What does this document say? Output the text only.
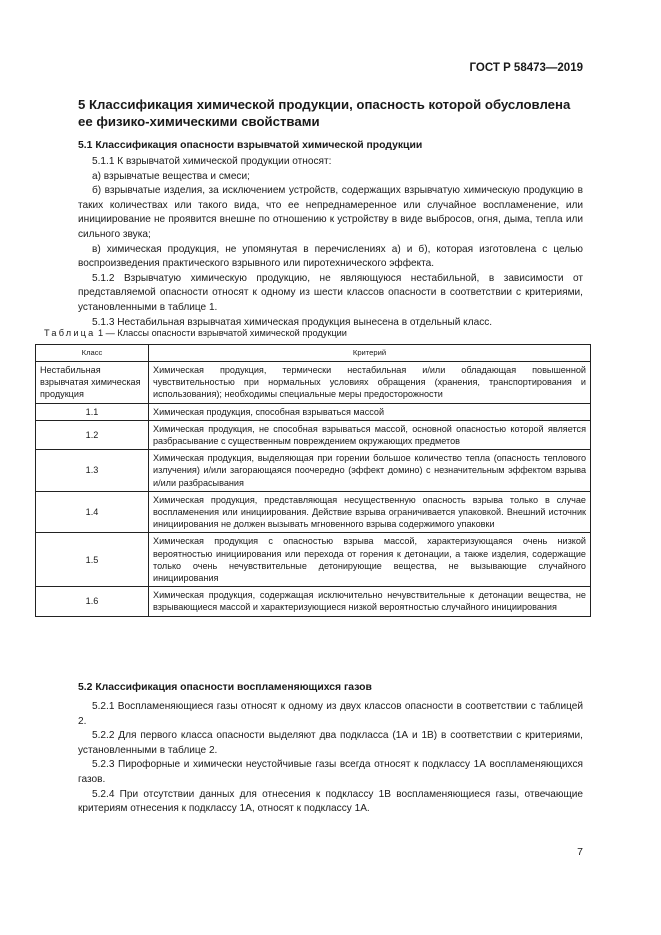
ГОСТ Р 58473—2019
5 Классификация химической продукции, опасность которой обусловлена ее физико-химическими свойствами
5.1 Классификация опасности взрывчатой химической продукции
5.1.1 К взрывчатой химической продукции относят:
а) взрывчатые вещества и смеси;
б) взрывчатые изделия, за исключением устройств, содержащих взрывчатую химическую продукцию в таких количествах или такого вида, что ее непреднамеренное или случайное воспламенение, или инициирование не проявится внешне по отношению к устройству в виде выбросов, огня, дыма, тепла или сильного звука;
в) химическая продукция, не упомянутая в перечислениях а) и б), которая изготовлена с целью воспроизведения практического взрывного или пиротехнического эффекта.
5.1.2 Взрывчатую химическую продукцию, не являющуюся нестабильной, в зависимости от представляемой опасности относят к одному из шести классов опасности в соответствии с критериями, установленными в таблице 1.
5.1.3 Нестабильная взрывчатая химическая продукция вынесена в отдельный класс.
Таблица 1 — Классы опасности взрывчатой химической продукции
Класс	Критерий
Нестабильная взрывчатая химическая продукция	Химическая продукция, термически нестабильная и/или обладающая повышенной чувствительностью при нормальных условиях обращения (хранения, транспортирования и использования); необходимы специальные меры предосторожности
1.1	Химическая продукция, способная взрываться массой
1.2	Химическая продукция, не способная взрываться массой, основной опасностью которой является разбрасывание с существенным повреждением окружающих предметов
1.3	Химическая продукция, выделяющая при горении большое количество тепла (опасность теплового излучения) и/или загорающаяся поочередно (эффект домино) с незначительным эффектом взрыва и/или разбрасывания
1.4	Химическая продукция, представляющая несущественную опасность взрыва только в случае воспламенения или инициирования. Действие взрыва ограничивается упаковкой. Внешний источник инициирования не должен вызывать мгновенного взрыва содержимого упаковки
1.5	Химическая продукция с опасностью взрыва массой, характеризующаяся очень низкой вероятностью инициирования или перехода от горения к детонации, а также изделия, содержащие только очень нечувствительные детонирующие вещества, не вызывающие случайного инициирования
1.6	Химическая продукция, содержащая исключительно нечувствительные к детонации вещества, не взрывающиеся массой и характеризующиеся низкой вероятностью случайного инициирования
5.2 Классификация опасности воспламеняющихся газов
5.2.1 Воспламеняющиеся газы относят к одному из двух классов опасности в соответствии с таблицей 2.
5.2.2 Для первого класса опасности выделяют два подкласса (1А и 1В) в соответствии с критериями, установленными в таблице 2.
5.2.3 Пирофорные и химически неустойчивые газы всегда относят к подклассу 1А воспламеняющихся газов.
5.2.4 При отсутствии данных для отнесения к подклассу 1В воспламеняющиеся газы, отвечающие критериям отнесения к подклассу 1А, относят к подклассу 1А.
7
